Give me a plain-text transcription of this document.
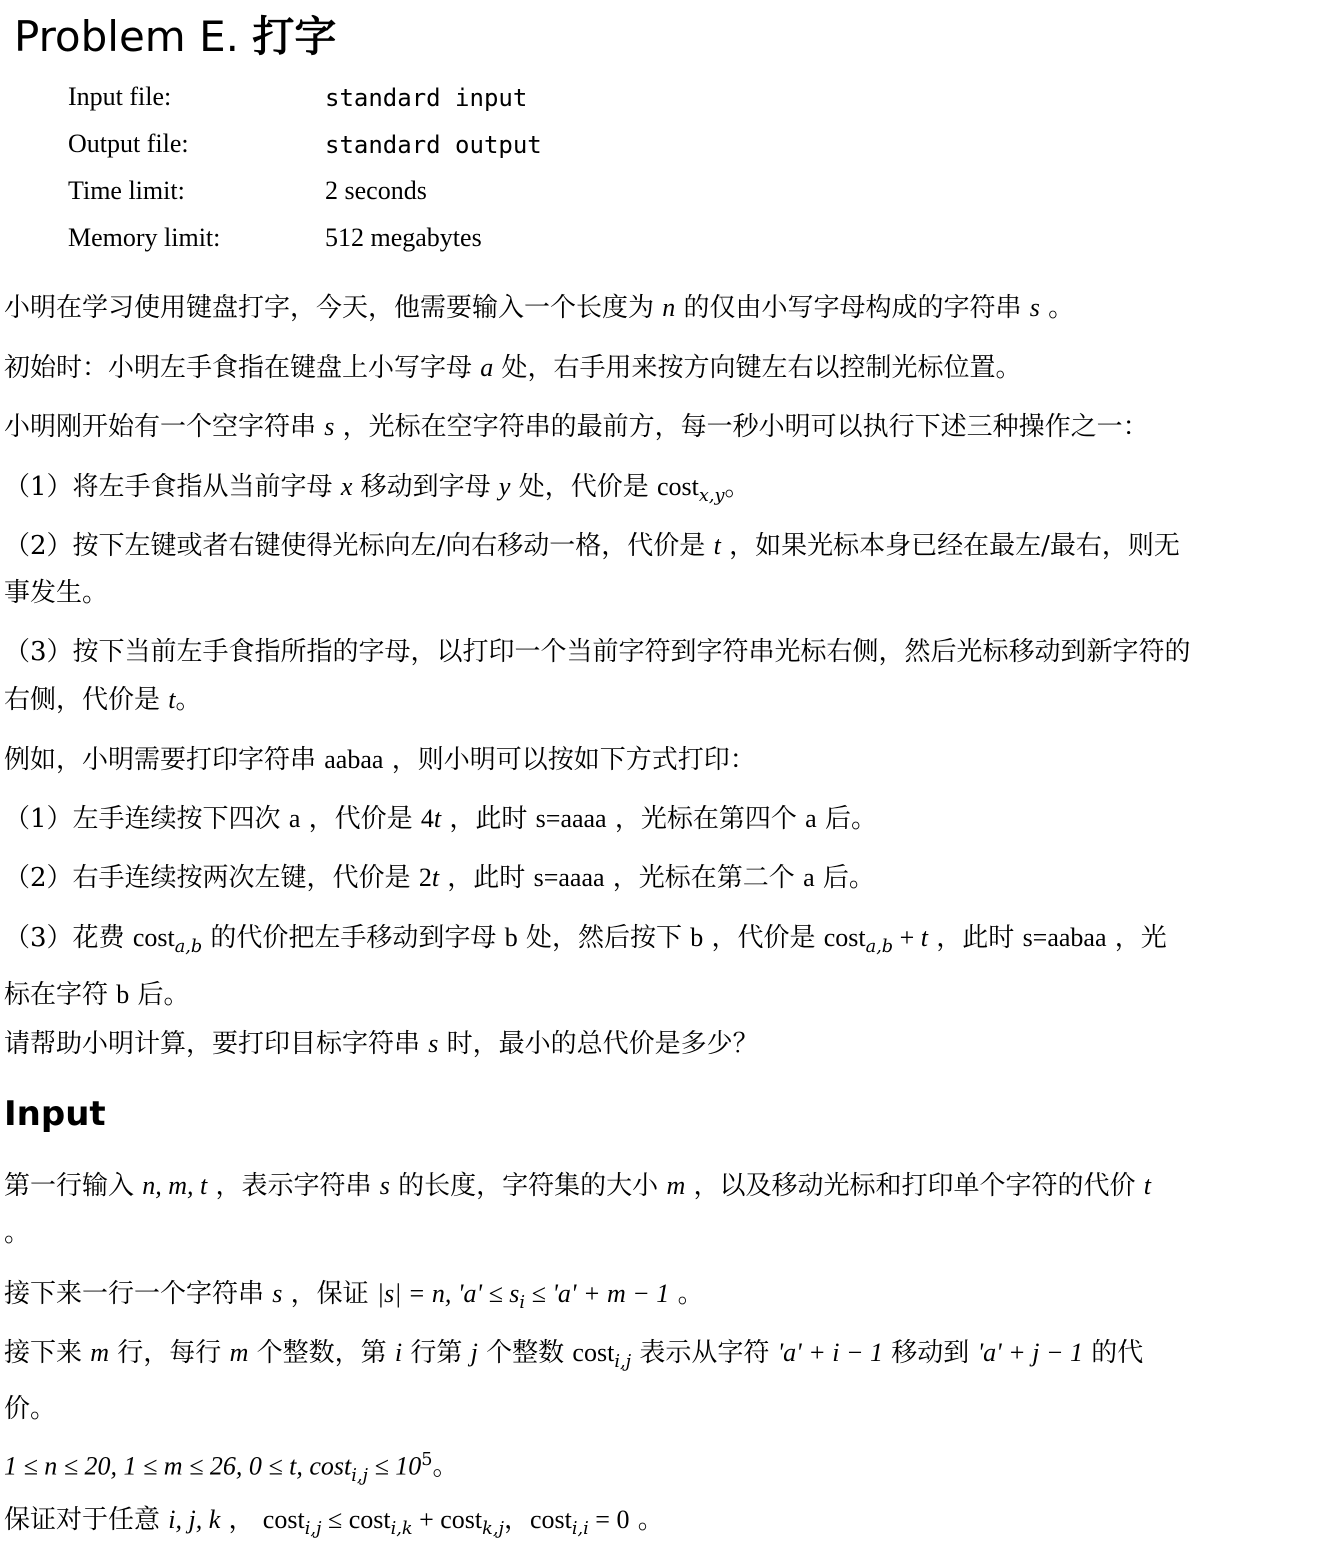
Problem E. 打字
Input file:	standard input
Output file:	standard output
Time limit:	2 seconds
Memory limit:	512 megabytes
小明在学习使用键盘打字，今天，他需要输入一个长度为 n 的仅由小写字母构成的字符串 s 。
初始时：小明左手食指在键盘上小写字母 a 处，右手用来按方向键左右以控制光标位置。
小明刚开始有一个空字符串 s ，光标在空字符串的最前方，每一秒小明可以执行下述三种操作之一：
（1）将左手食指从当前字母 x 移动到字母 y 处，代价是 cost$_{x,y}$。
（2）按下左键或者右键使得光标向左/向右移动一格，代价是 t ，如果光标本身已经在最左/最右，则无
事发生。
（3）按下当前左手食指所指的字母，以打印一个当前字符到字符串光标右侧，然后光标移动到新字符的
右侧，代价是 t。
例如，小明需要打印字符串 aabaa ，则小明可以按如下方式打印：
（1）左手连续按下四次 a ，代价是 4t ，此时 s=aaaa ，光标在第四个 a 后。
（2）右手连续按两次左键，代价是 2t ，此时 s=aaaa ，光标在第二个 a 后。
（3）花费 cost$_{a,b}$ 的代价把左手移动到字母 b 处，然后按下 b ，代价是 cost$_{a,b}$ + t ，此时 s=aabaa ，光
标在字符 b 后。
请帮助小明计算，要打印目标字符串 s 时，最小的总代价是多少？
Input
第一行输入 n, m, t ，表示字符串 s 的长度，字符集的大小 m ，以及移动光标和打印单个字符的代价 t
。
接下来一行一个字符串 s ，保证 |s| = n, '$a' \le s_i$ ≤ 'a' + m − 1 。
接下来 m 行，每行 m 个整数，第 i 行第 j 个整数 cost$_{i,j}$ 表示从字符 'a' + i − 1 移动到 'a' + j − 1 的代
价。
1 ≤ n ≤ 20, 1 ≤ m ≤ 26, 0 ≤ t, $\cos t_{i,j} \le 10^5$。
保证对于任意 i, j, k ， cost$_{i,j}$ ≤ cost$_{i,k}$ + cost$_{k,j}$，cost$_{i,i}$ = 0 。
